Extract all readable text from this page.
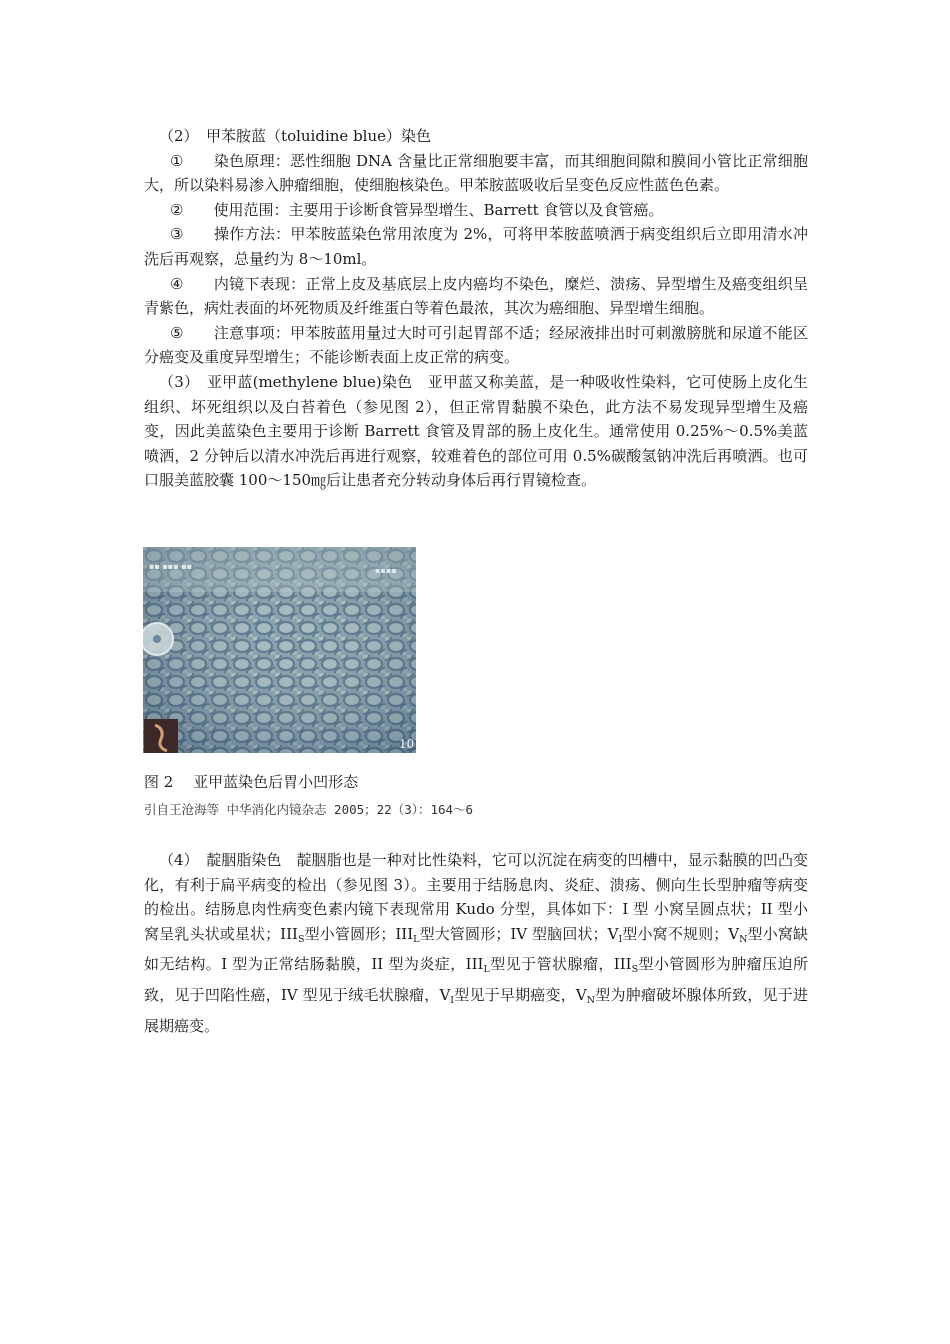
（2）　甲苯胺蓝（toluidine blue）染色

① 染色原理：恶性细胞 DNA 含量比正常细胞要丰富，而其细胞间隙和膜间小管比正常细胞大，所以染料易渗入肿瘤细胞，使细胞核染色。甲苯胺蓝吸收后呈变色反应性蓝色色素。

② 使用范围：主要用于诊断食管异型增生、Barrett 食管以及食管癌。

③ 操作方法：甲苯胺蓝染色常用浓度为 2%，可将甲苯胺蓝喷洒于病变组织后立即用清水冲洗后再观察，总量约为 8～10ml。

④ 内镜下表现：正常上皮及基底层上皮内癌均不染色，糜烂、溃疡、异型增生及癌变组织呈青紫色，病灶表面的坏死物质及纤维蛋白等着色最浓，其次为癌细胞、异型增生细胞。

⑤ 注意事项：甲苯胺蓝用量过大时可引起胃部不适；经尿液排出时可刺激膀胱和尿道不能区分癌变及重度异型增生；不能诊断表面上皮正常的病变。

（3）　亚甲蓝(methylene blue)染色　亚甲蓝又称美蓝，是一种吸收性染料，它可使肠上皮化生组织、坏死组织以及白苔着色（参见图 2），但正常胃黏膜不染色，此方法不易发现异型增生及癌变，因此美蓝染色主要用于诊断 Barrett 食管及胃部的肠上皮化生。通常使用 0.25%～0.5%美蓝喷洒，2 分钟后以清水冲洗后再进行观察，较难着色的部位可用 0.5%碳酸氢钠冲洗后再喷洒。也可口服美蓝胶囊 100～150㎎后让患者充分转动身体后再行胃镜检查。

▪▪ ▪▪▪ ▪▪	▪▪▪▪
10
图 2　 亚甲蓝染色后胃小凹形态
引自王沧海等 中华消化内镜杂志 2005；22（3）：164～6

（4）　靛胭脂染色　靛胭脂也是一种对比性染料，它可以沉淀在病变的凹槽中，显示黏膜的凹凸变化，有利于扁平病变的检出（参见图 3）。主要用于结肠息肉、炎症、溃疡、侧向生长型肿瘤等病变的检出。结肠息肉性病变色素内镜下表现常用 Kudo 分型，具体如下：I 型 小窝呈圆点状；II 型小窝呈乳头状或星状；$III_S$型小管圆形；$III_L$型大管圆形；IV 型脑回状；$V_I$型小窝不规则；$V_N$型小窝缺如无结构。I 型为正常结肠黏膜，II 型为炎症，$III_L$型见于管状腺瘤，$III_S$型小管圆形为肿瘤压迫所致，见于凹陷性癌，IV 型见于绒毛状腺瘤，$V_I$型见于早期癌变，$V_N$型为肿瘤破坏腺体所致，见于进展期癌变。
